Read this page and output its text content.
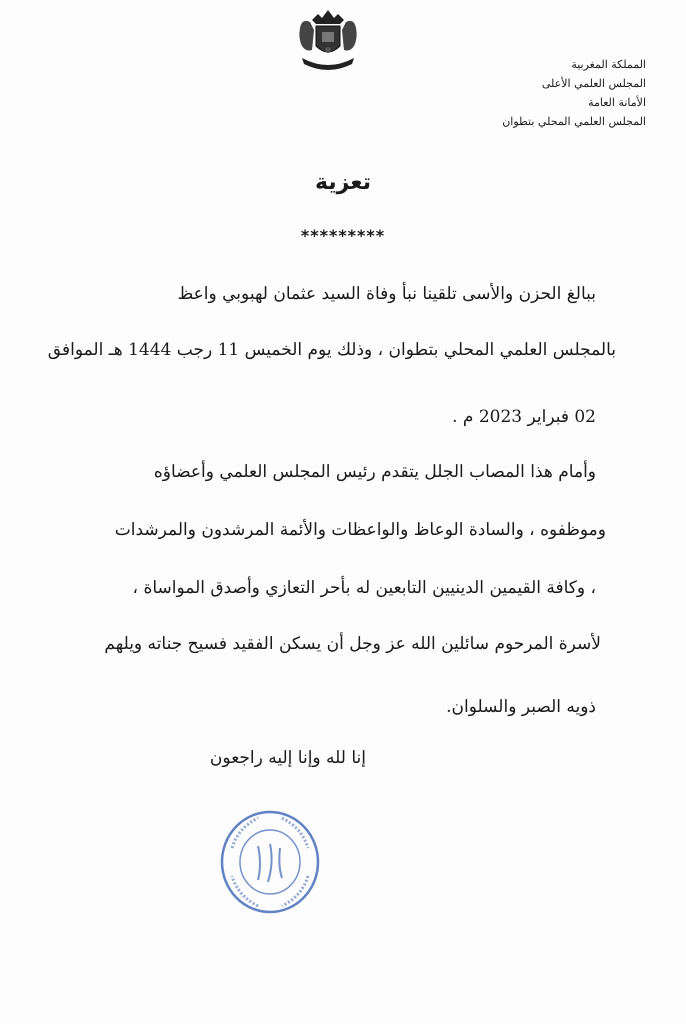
المملكة المغربية
المجلس العلمي الأعلى
الأمانة العامة
المجلس العلمي المحلي بتطوان
تعزية
*********
ببالغ الحزن والأسى تلقينا نبأ وفاة السيد عثمان لهبوبي واعظ
بالمجلس العلمي المحلي بتطوان ، وذلك يوم الخميس 11 رجب 1444 هـ الموافق
02 فبراير 2023 م .
وأمام هذا المصاب الجلل يتقدم رئيس المجلس العلمي وأعضاؤه
وموظفوه ، والسادة الوعاظ والواعظات والأئمة المرشدون والمرشدات
، وكافة القيمين الدينيين التابعين له بأحر التعازي وأصدق المواساة ،
لأسرة المرحوم سائلين الله عز وجل أن يسكن الفقيد فسيح جناته ويلهم
ذويه الصبر والسلوان.
إنا لله وإنا إليه راجعون
